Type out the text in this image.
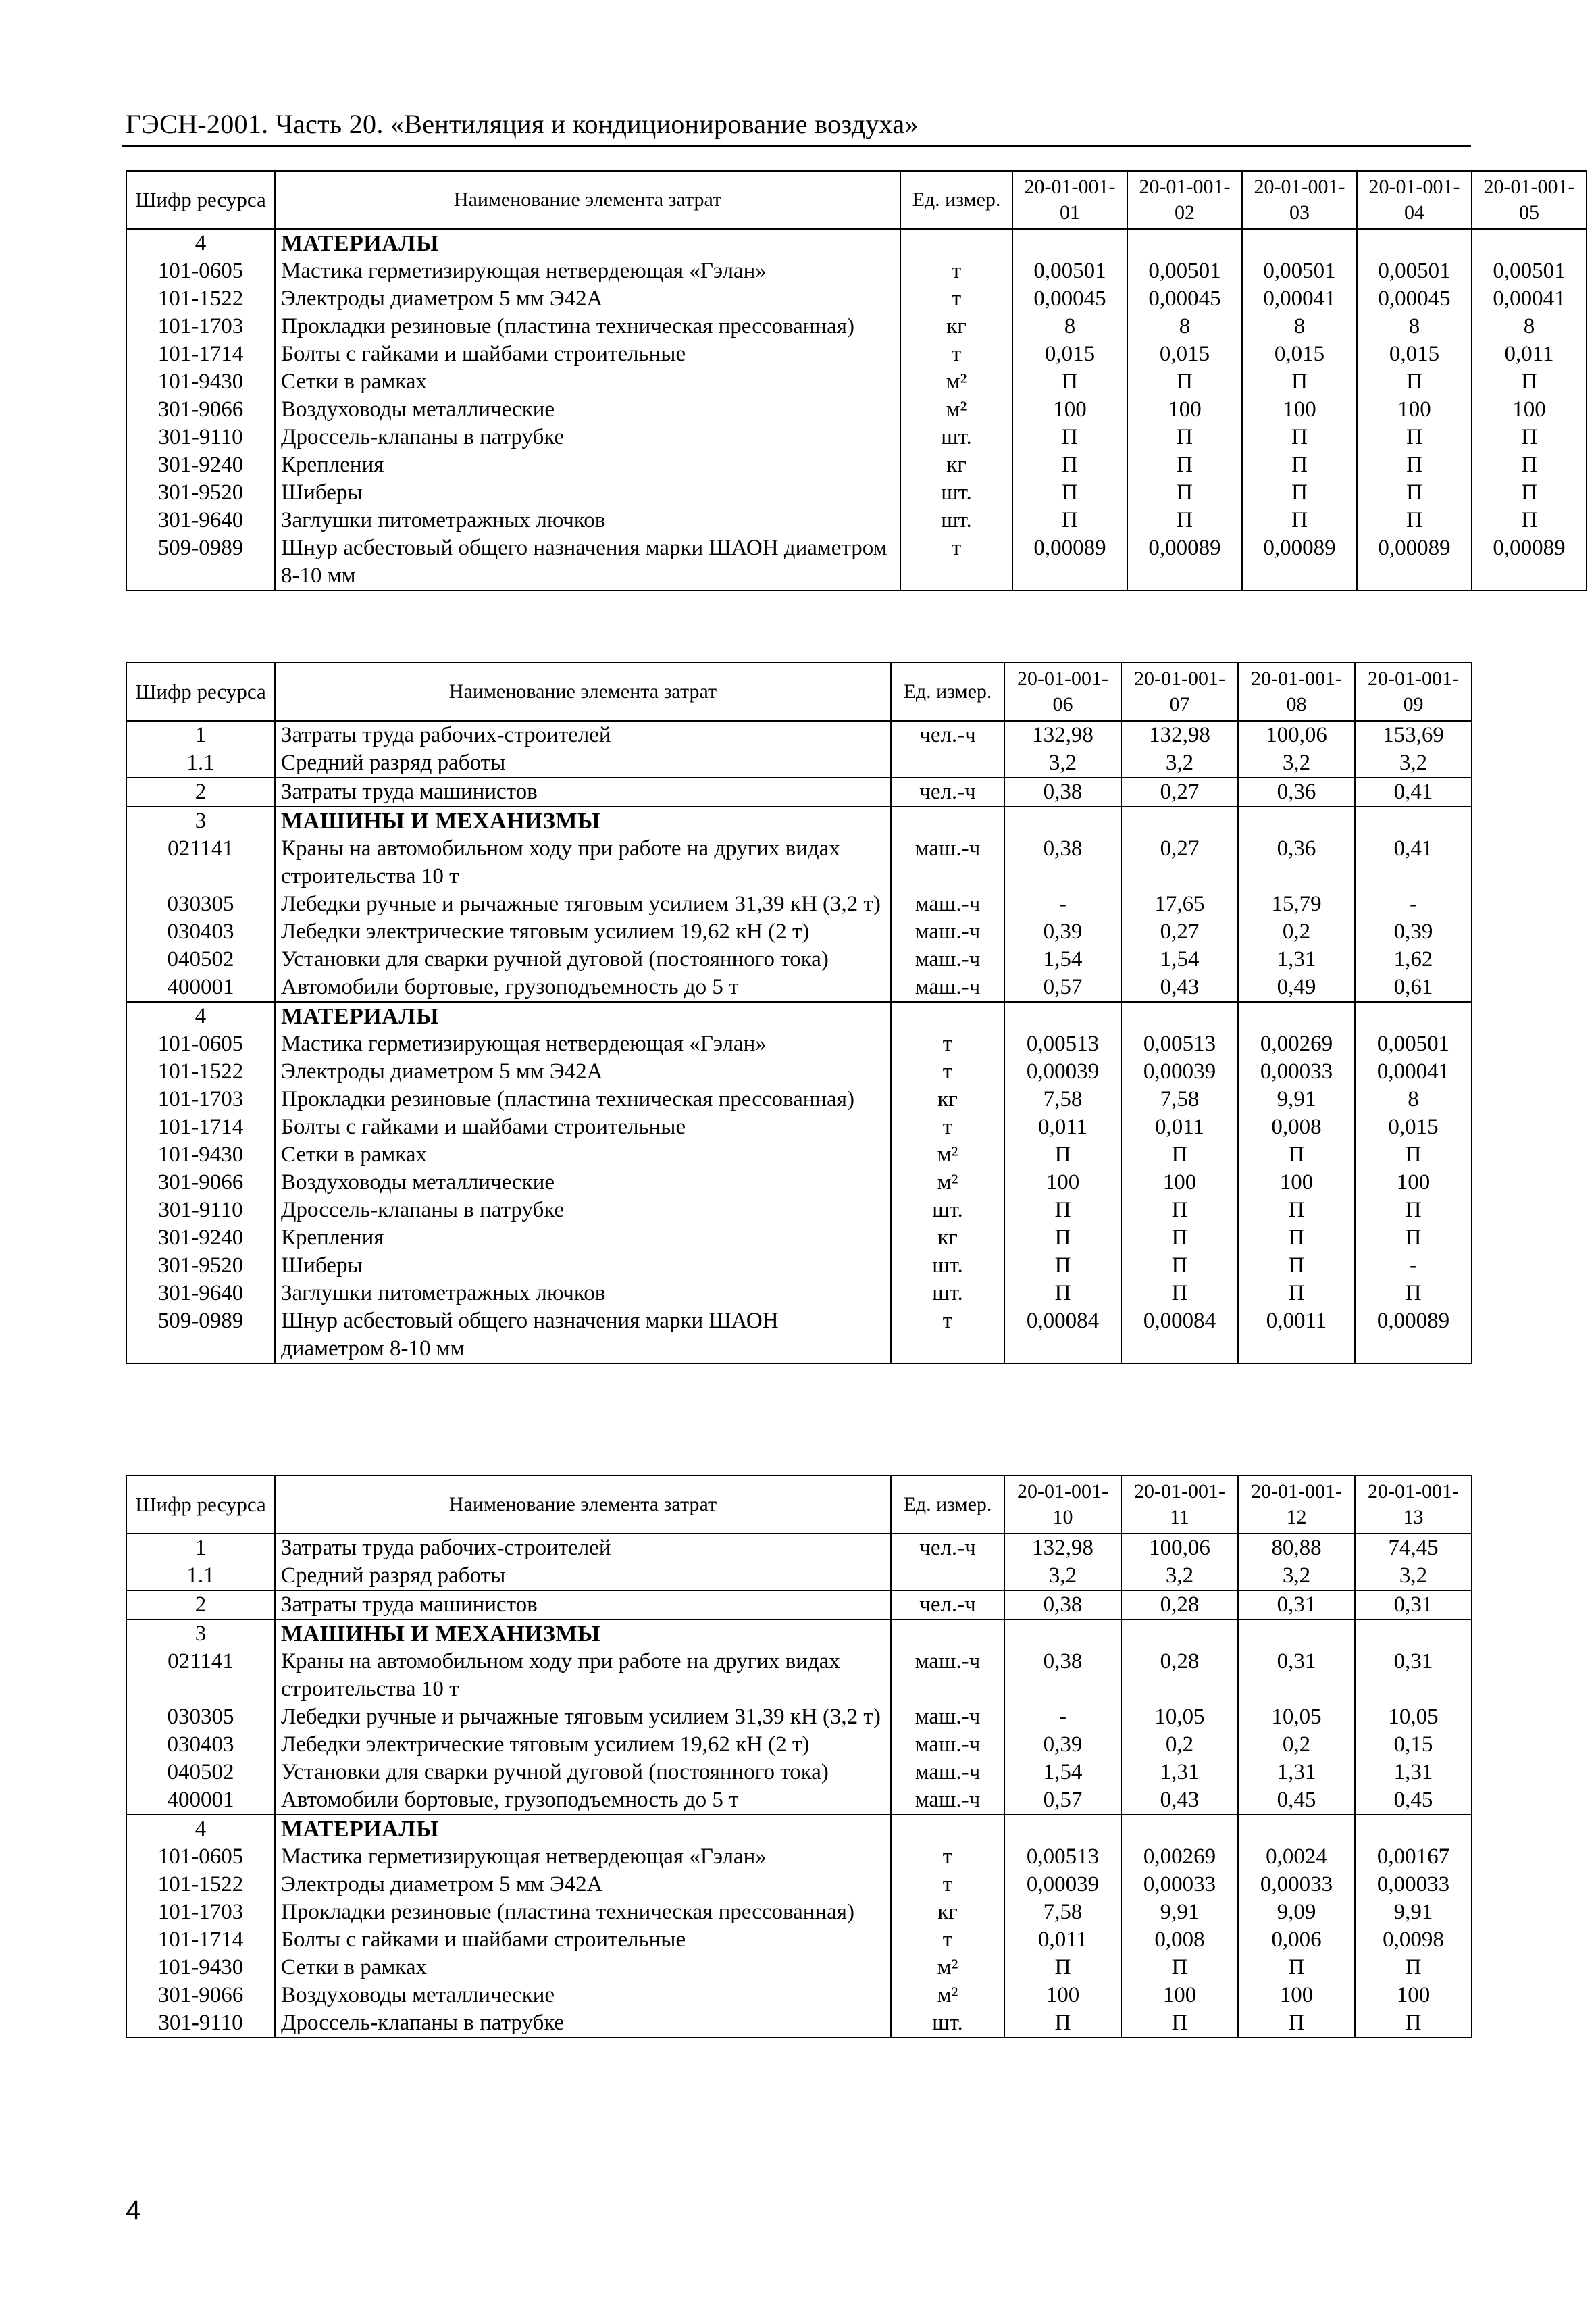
ГЭСН-2001. Часть 20. «Вентиляция и кондиционирование воздуха»
Шифр ресурса	Наименование элемента затрат	Ед. измер.	20-01-001-01	20-01-001-02	20-01-001-03	20-01-001-04	20-01-001-05
4	МАТЕРИАЛЫ						
101-0605	Мастика герметизирующая нетвердеющая «Гэлан»	т	0,00501	0,00501	0,00501	0,00501	0,00501
101-1522	Электроды диаметром 5 мм Э42А	т	0,00045	0,00045	0,00041	0,00045	0,00041
101-1703	Прокладки резиновые (пластина техническая прессованная)	кг	8	8	8	8	8
101-1714	Болты с гайками и шайбами строительные	т	0,015	0,015	0,015	0,015	0,011
101-9430	Сетки в рамках	м²	П	П	П	П	П
301-9066	Воздуховоды металлические	м²	100	100	100	100	100
301-9110	Дроссель-клапаны в патрубке	шт.	П	П	П	П	П
301-9240	Крепления	кг	П	П	П	П	П
301-9520	Шиберы	шт.	П	П	П	П	П
301-9640	Заглушки питометражных лючков	шт.	П	П	П	П	П
509-0989	Шнур асбестовый общего назначения марки ШАОН диаметром 8-10 мм	т	0,00089	0,00089	0,00089	0,00089	0,00089
Шифр ресурса	Наименование элемента затрат	Ед. измер.	20-01-001-06	20-01-001-07	20-01-001-08	20-01-001-09
1	Затраты труда рабочих-строителей	чел.-ч	132,98	132,98	100,06	153,69
1.1	Средний разряд работы		3,2	3,2	3,2	3,2
2	Затраты труда машинистов	чел.-ч	0,38	0,27	0,36	0,41
3	МАШИНЫ И МЕХАНИЗМЫ					
021141	Краны на автомобильном ходу при работе на других видах строительства 10 т	маш.-ч	0,38	0,27	0,36	0,41
030305	Лебедки ручные и рычажные тяговым усилием 31,39 кН (3,2 т)	маш.-ч	-	17,65	15,79	-
030403	Лебедки электрические тяговым усилием 19,62 кН (2 т)	маш.-ч	0,39	0,27	0,2	0,39
040502	Установки для сварки ручной дуговой (постоянного тока)	маш.-ч	1,54	1,54	1,31	1,62
400001	Автомобили бортовые, грузоподъемность до 5 т	маш.-ч	0,57	0,43	0,49	0,61
4	МАТЕРИАЛЫ					
101-0605	Мастика герметизирующая нетвердеющая «Гэлан»	т	0,00513	0,00513	0,00269	0,00501
101-1522	Электроды диаметром 5 мм Э42А	т	0,00039	0,00039	0,00033	0,00041
101-1703	Прокладки резиновые (пластина техническая прессованная)	кг	7,58	7,58	9,91	8
101-1714	Болты с гайками и шайбами строительные	т	0,011	0,011	0,008	0,015
101-9430	Сетки в рамках	м²	П	П	П	П
301-9066	Воздуховоды металлические	м²	100	100	100	100
301-9110	Дроссель-клапаны в патрубке	шт.	П	П	П	П
301-9240	Крепления	кг	П	П	П	П
301-9520	Шиберы	шт.	П	П	П	-
301-9640	Заглушки питометражных лючков	шт.	П	П	П	П
509-0989	Шнур асбестовый общего назначения марки ШАОН диаметром 8-10 мм	т	0,00084	0,00084	0,0011	0,00089
Шифр ресурса	Наименование элемента затрат	Ед. измер.	20-01-001-10	20-01-001-11	20-01-001-12	20-01-001-13
1	Затраты труда рабочих-строителей	чел.-ч	132,98	100,06	80,88	74,45
1.1	Средний разряд работы		3,2	3,2	3,2	3,2
2	Затраты труда машинистов	чел.-ч	0,38	0,28	0,31	0,31
3	МАШИНЫ И МЕХАНИЗМЫ					
021141	Краны на автомобильном ходу при работе на других видах строительства 10 т	маш.-ч	0,38	0,28	0,31	0,31
030305	Лебедки ручные и рычажные тяговым усилием 31,39 кН (3,2 т)	маш.-ч	-	10,05	10,05	10,05
030403	Лебедки электрические тяговым усилием 19,62 кН (2 т)	маш.-ч	0,39	0,2	0,2	0,15
040502	Установки для сварки ручной дуговой (постоянного тока)	маш.-ч	1,54	1,31	1,31	1,31
400001	Автомобили бортовые, грузоподъемность до 5 т	маш.-ч	0,57	0,43	0,45	0,45
4	МАТЕРИАЛЫ					
101-0605	Мастика герметизирующая нетвердеющая «Гэлан»	т	0,00513	0,00269	0,0024	0,00167
101-1522	Электроды диаметром 5 мм Э42А	т	0,00039	0,00033	0,00033	0,00033
101-1703	Прокладки резиновые (пластина техническая прессованная)	кг	7,58	9,91	9,09	9,91
101-1714	Болты с гайками и шайбами строительные	т	0,011	0,008	0,006	0,0098
101-9430	Сетки в рамках	м²	П	П	П	П
301-9066	Воздуховоды металлические	м²	100	100	100	100
301-9110	Дроссель-клапаны в патрубке	шт.	П	П	П	П
4
